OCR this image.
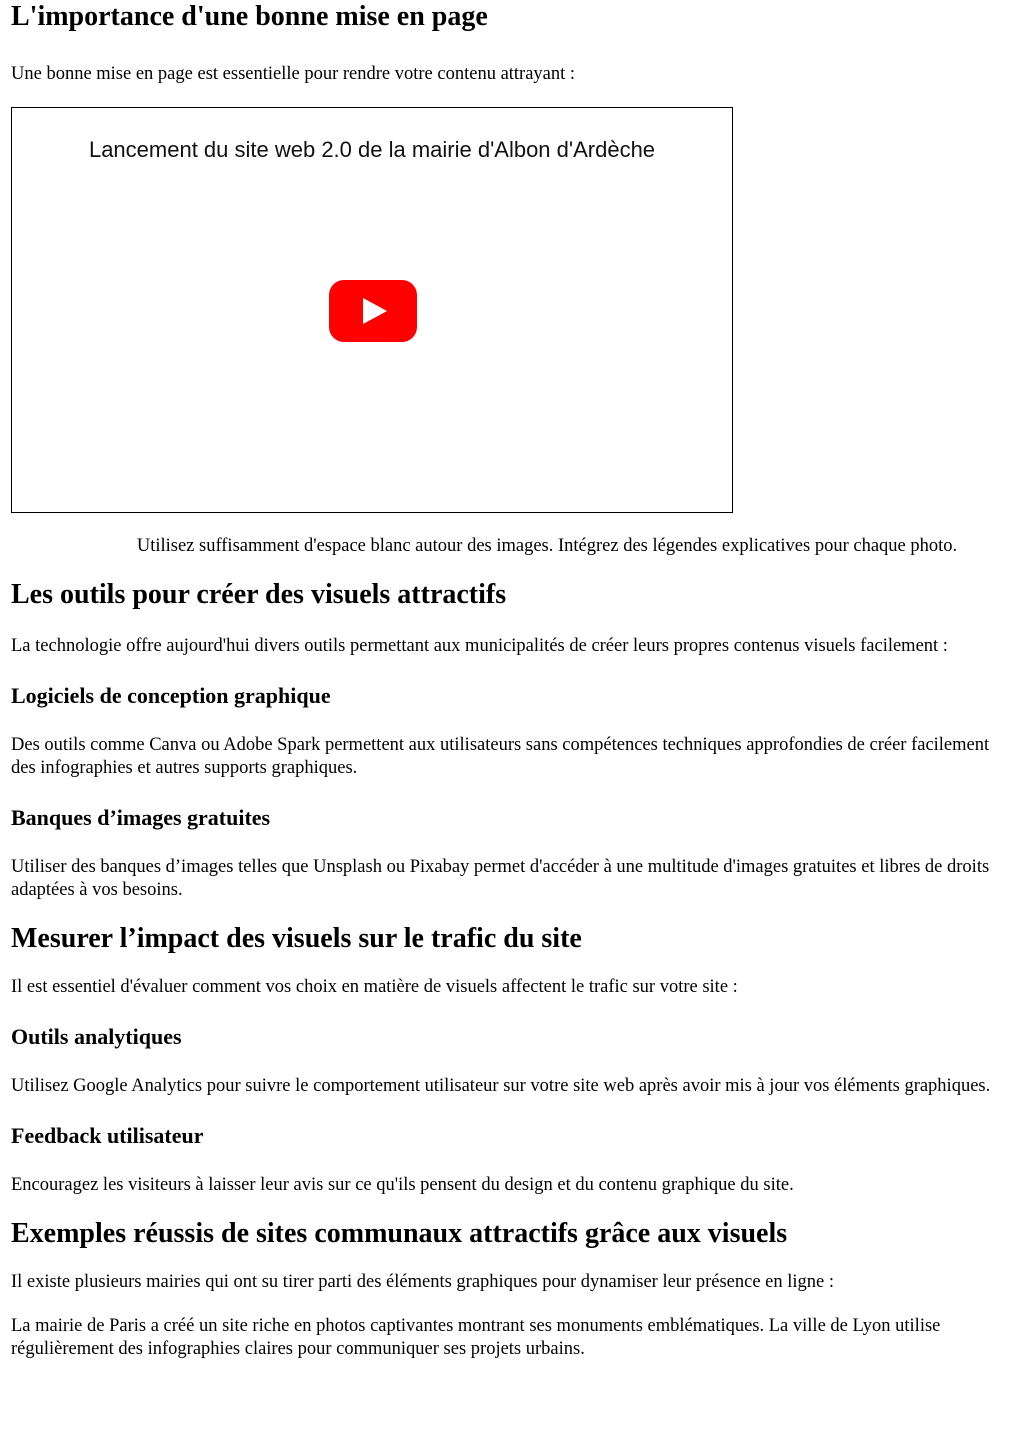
L'importance d'une bonne mise en page

Une bonne mise en page est essentielle pour rendre votre contenu attrayant :

Lancement du site web 2.0 de la mairie d'Albon d'Ardèche

Utilisez suffisamment d'espace blanc autour des images. Intégrez des légendes explicatives pour chaque photo.

Les outils pour créer des visuels attractifs

La technologie offre aujourd'hui divers outils permettant aux municipalités de créer leurs propres contenus visuels facilement :

Logiciels de conception graphique

Des outils comme Canva ou Adobe Spark permettent aux utilisateurs sans compétences techniques approfondies de créer facilement des infographies et autres supports graphiques.

Banques d’images gratuites

Utiliser des banques d’images telles que Unsplash ou Pixabay permet d'accéder à une multitude d'images gratuites et libres de droits adaptées à vos besoins.

Mesurer l’impact des visuels sur le trafic du site

Il est essentiel d'évaluer comment vos choix en matière de visuels affectent le trafic sur votre site :

Outils analytiques

Utilisez Google Analytics pour suivre le comportement utilisateur sur votre site web après avoir mis à jour vos éléments graphiques.

Feedback utilisateur

Encouragez les visiteurs à laisser leur avis sur ce qu'ils pensent du design et du contenu graphique du site.

Exemples réussis de sites communaux attractifs grâce aux visuels

Il existe plusieurs mairies qui ont su tirer parti des éléments graphiques pour dynamiser leur présence en ligne :

La mairie de Paris a créé un site riche en photos captivantes montrant ses monuments emblématiques. La ville de Lyon utilise régulièrement des infographies claires pour communiquer ses projets urbains.
